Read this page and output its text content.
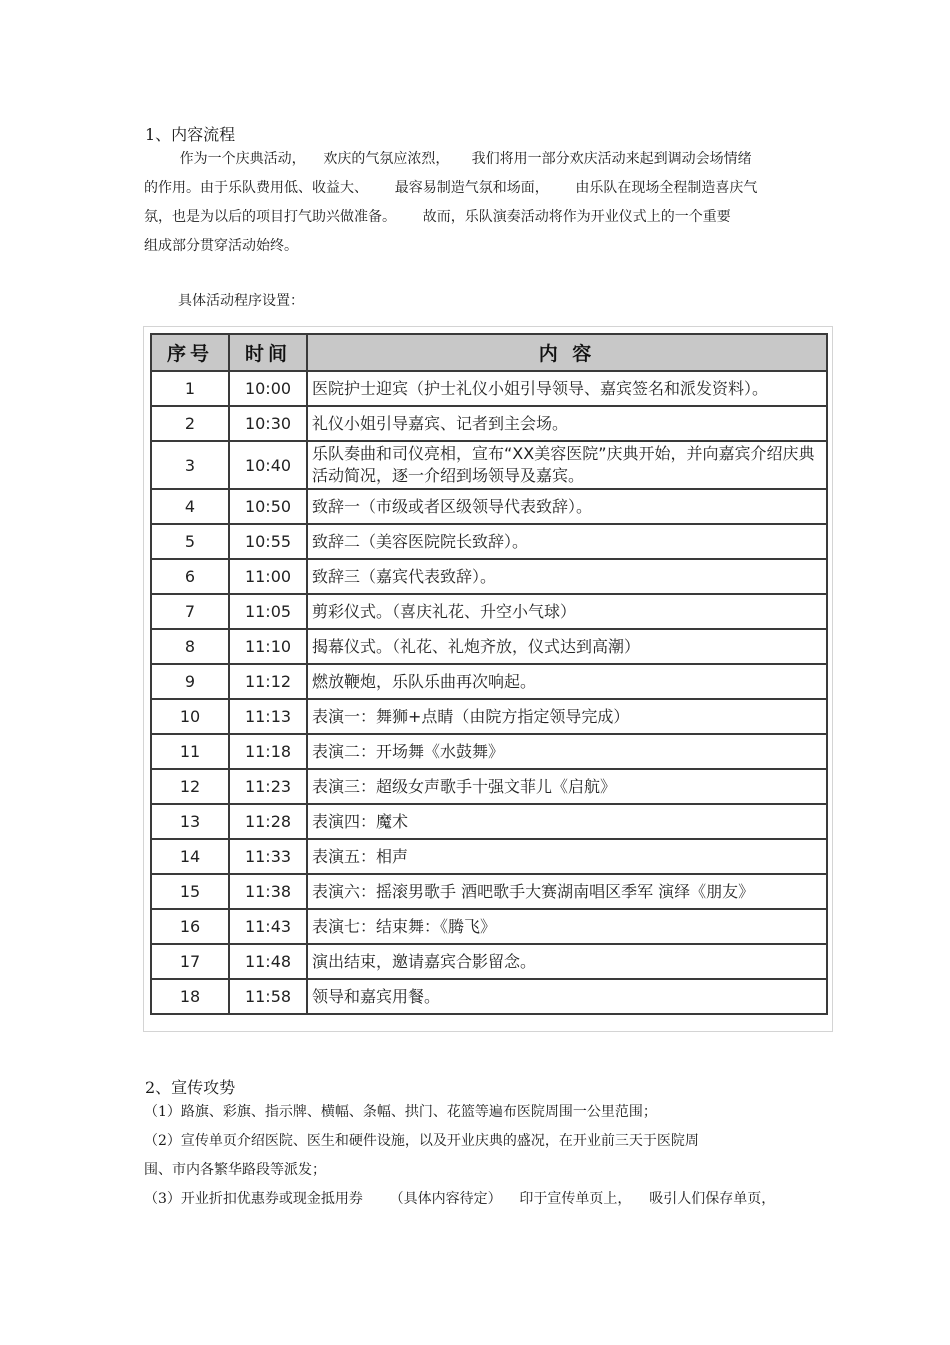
1、内容流程
作为一个庆典活动，    欢庆的气氛应浓烈，     我们将用一部分欢庆活动来起到调动会场情绪
的作用。由于乐队费用低、收益大、      最容易制造气氛和场面，      由乐队在现场全程制造喜庆气
氛，也是为以后的项目打气助兴做准备。      故而，乐队演奏活动将作为开业仪式上的一个重要
组成部分贯穿活动始终。
具体活动程序设置：
序号	时间	内 容
1	10:00	医院护士迎宾（护士礼仪小姐引导领导、嘉宾签名和派发资料）。
2	10:30	礼仪小姐引导嘉宾、记者到主会场。
3	10:40	乐队奏曲和司仪亮相，宣布“XX美容医院”庆典开始，并向嘉宾介绍庆典活动简况，逐一介绍到场领导及嘉宾。
4	10:50	致辞一（市级或者区级领导代表致辞）。
5	10:55	致辞二（美容医院院长致辞）。
6	11:00	致辞三（嘉宾代表致辞）。
7	11:05	剪彩仪式。（喜庆礼花、升空小气球）
8	11:10	揭幕仪式。（礼花、礼炮齐放，仪式达到高潮）
9	11:12	燃放鞭炮，乐队乐曲再次响起。
10	11:13	表演一：舞狮+点睛（由院方指定领导完成）
11	11:18	表演二：开场舞《水鼓舞》
12	11:23	表演三：超级女声歌手十强文菲儿《启航》
13	11:28	表演四：魔术
14	11:33	表演五：相声
15	11:38	表演六：摇滚男歌手 酒吧歌手大赛湖南唱区季军 演绎《朋友》
16	11:43	表演七：结束舞：《腾飞》
17	11:48	演出结束，邀请嘉宾合影留念。
18	11:58	领导和嘉宾用餐。
2、宣传攻势
（1）路旗、彩旗、指示牌、横幅、条幅、拱门、花篮等遍布医院周围一公里范围；
（2）宣传单页介绍医院、医生和硬件设施，以及开业庆典的盛况，在开业前三天于医院周
围、市内各繁华路段等派发；
（3）开业折扣优惠券或现金抵用券      （具体内容待定）    印于宣传单页上，    吸引人们保存单页，
